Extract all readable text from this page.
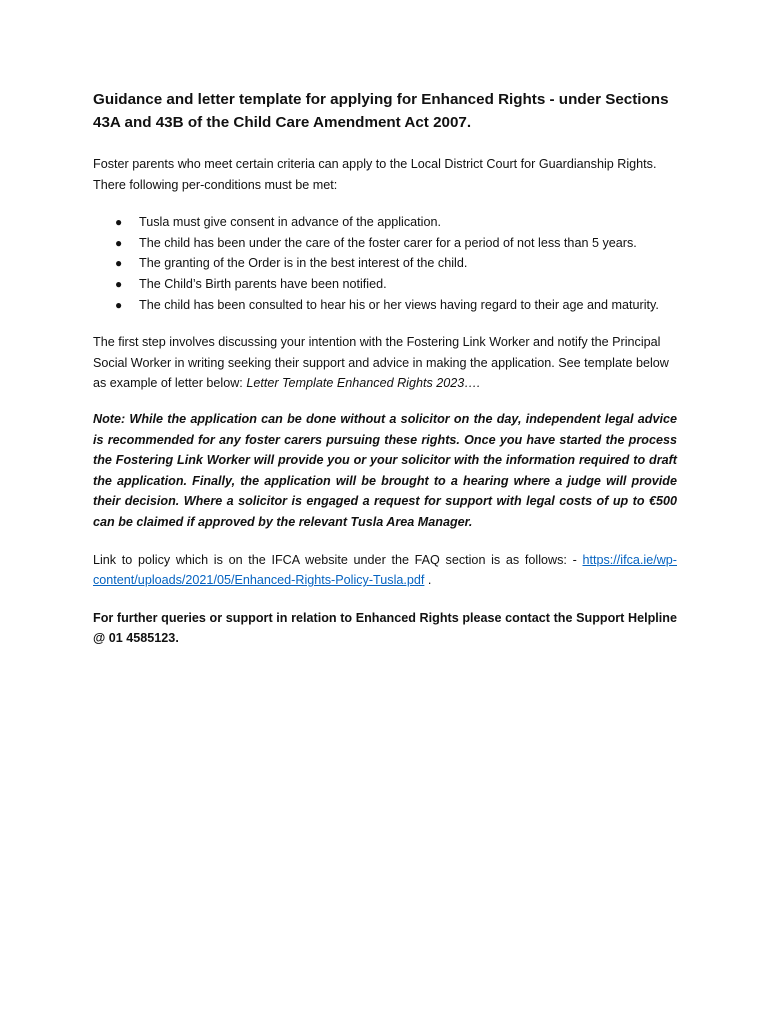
Guidance and letter template for applying for Enhanced Rights - under Sections 43A and 43B of the Child Care Amendment Act 2007.

Foster parents who meet certain criteria can apply to the Local District Court for Guardianship Rights. There following per-conditions must be met:

● Tusla must give consent in advance of the application.
● The child has been under the care of the foster carer for a period of not less than 5 years.
● The granting of the Order is in the best interest of the child.
● The Child’s Birth parents have been notified.
● The child has been consulted to hear his or her views having regard to their age and maturity.

The first step involves discussing your intention with the Fostering Link Worker and notify the Principal Social Worker in writing seeking their support and advice in making the application. See template below as example of letter below: Letter Template Enhanced Rights 2023….

Note: While the application can be done without a solicitor on the day, independent legal advice is recommended for any foster carers pursuing these rights. Once you have started the process the Fostering Link Worker will provide you or your solicitor with the information required to draft the application. Finally, the application will be brought to a hearing where a judge will provide their decision. Where a solicitor is engaged a request for support with legal costs of up to €500 can be claimed if approved by the relevant Tusla Area Manager.

Link to policy which is on the IFCA website under the FAQ section is as follows: - https://ifca.ie/wp-content/uploads/2021/05/Enhanced-Rights-Policy-Tusla.pdf .

For further queries or support in relation to Enhanced Rights please contact the Support Helpline @ 01 4585123.
